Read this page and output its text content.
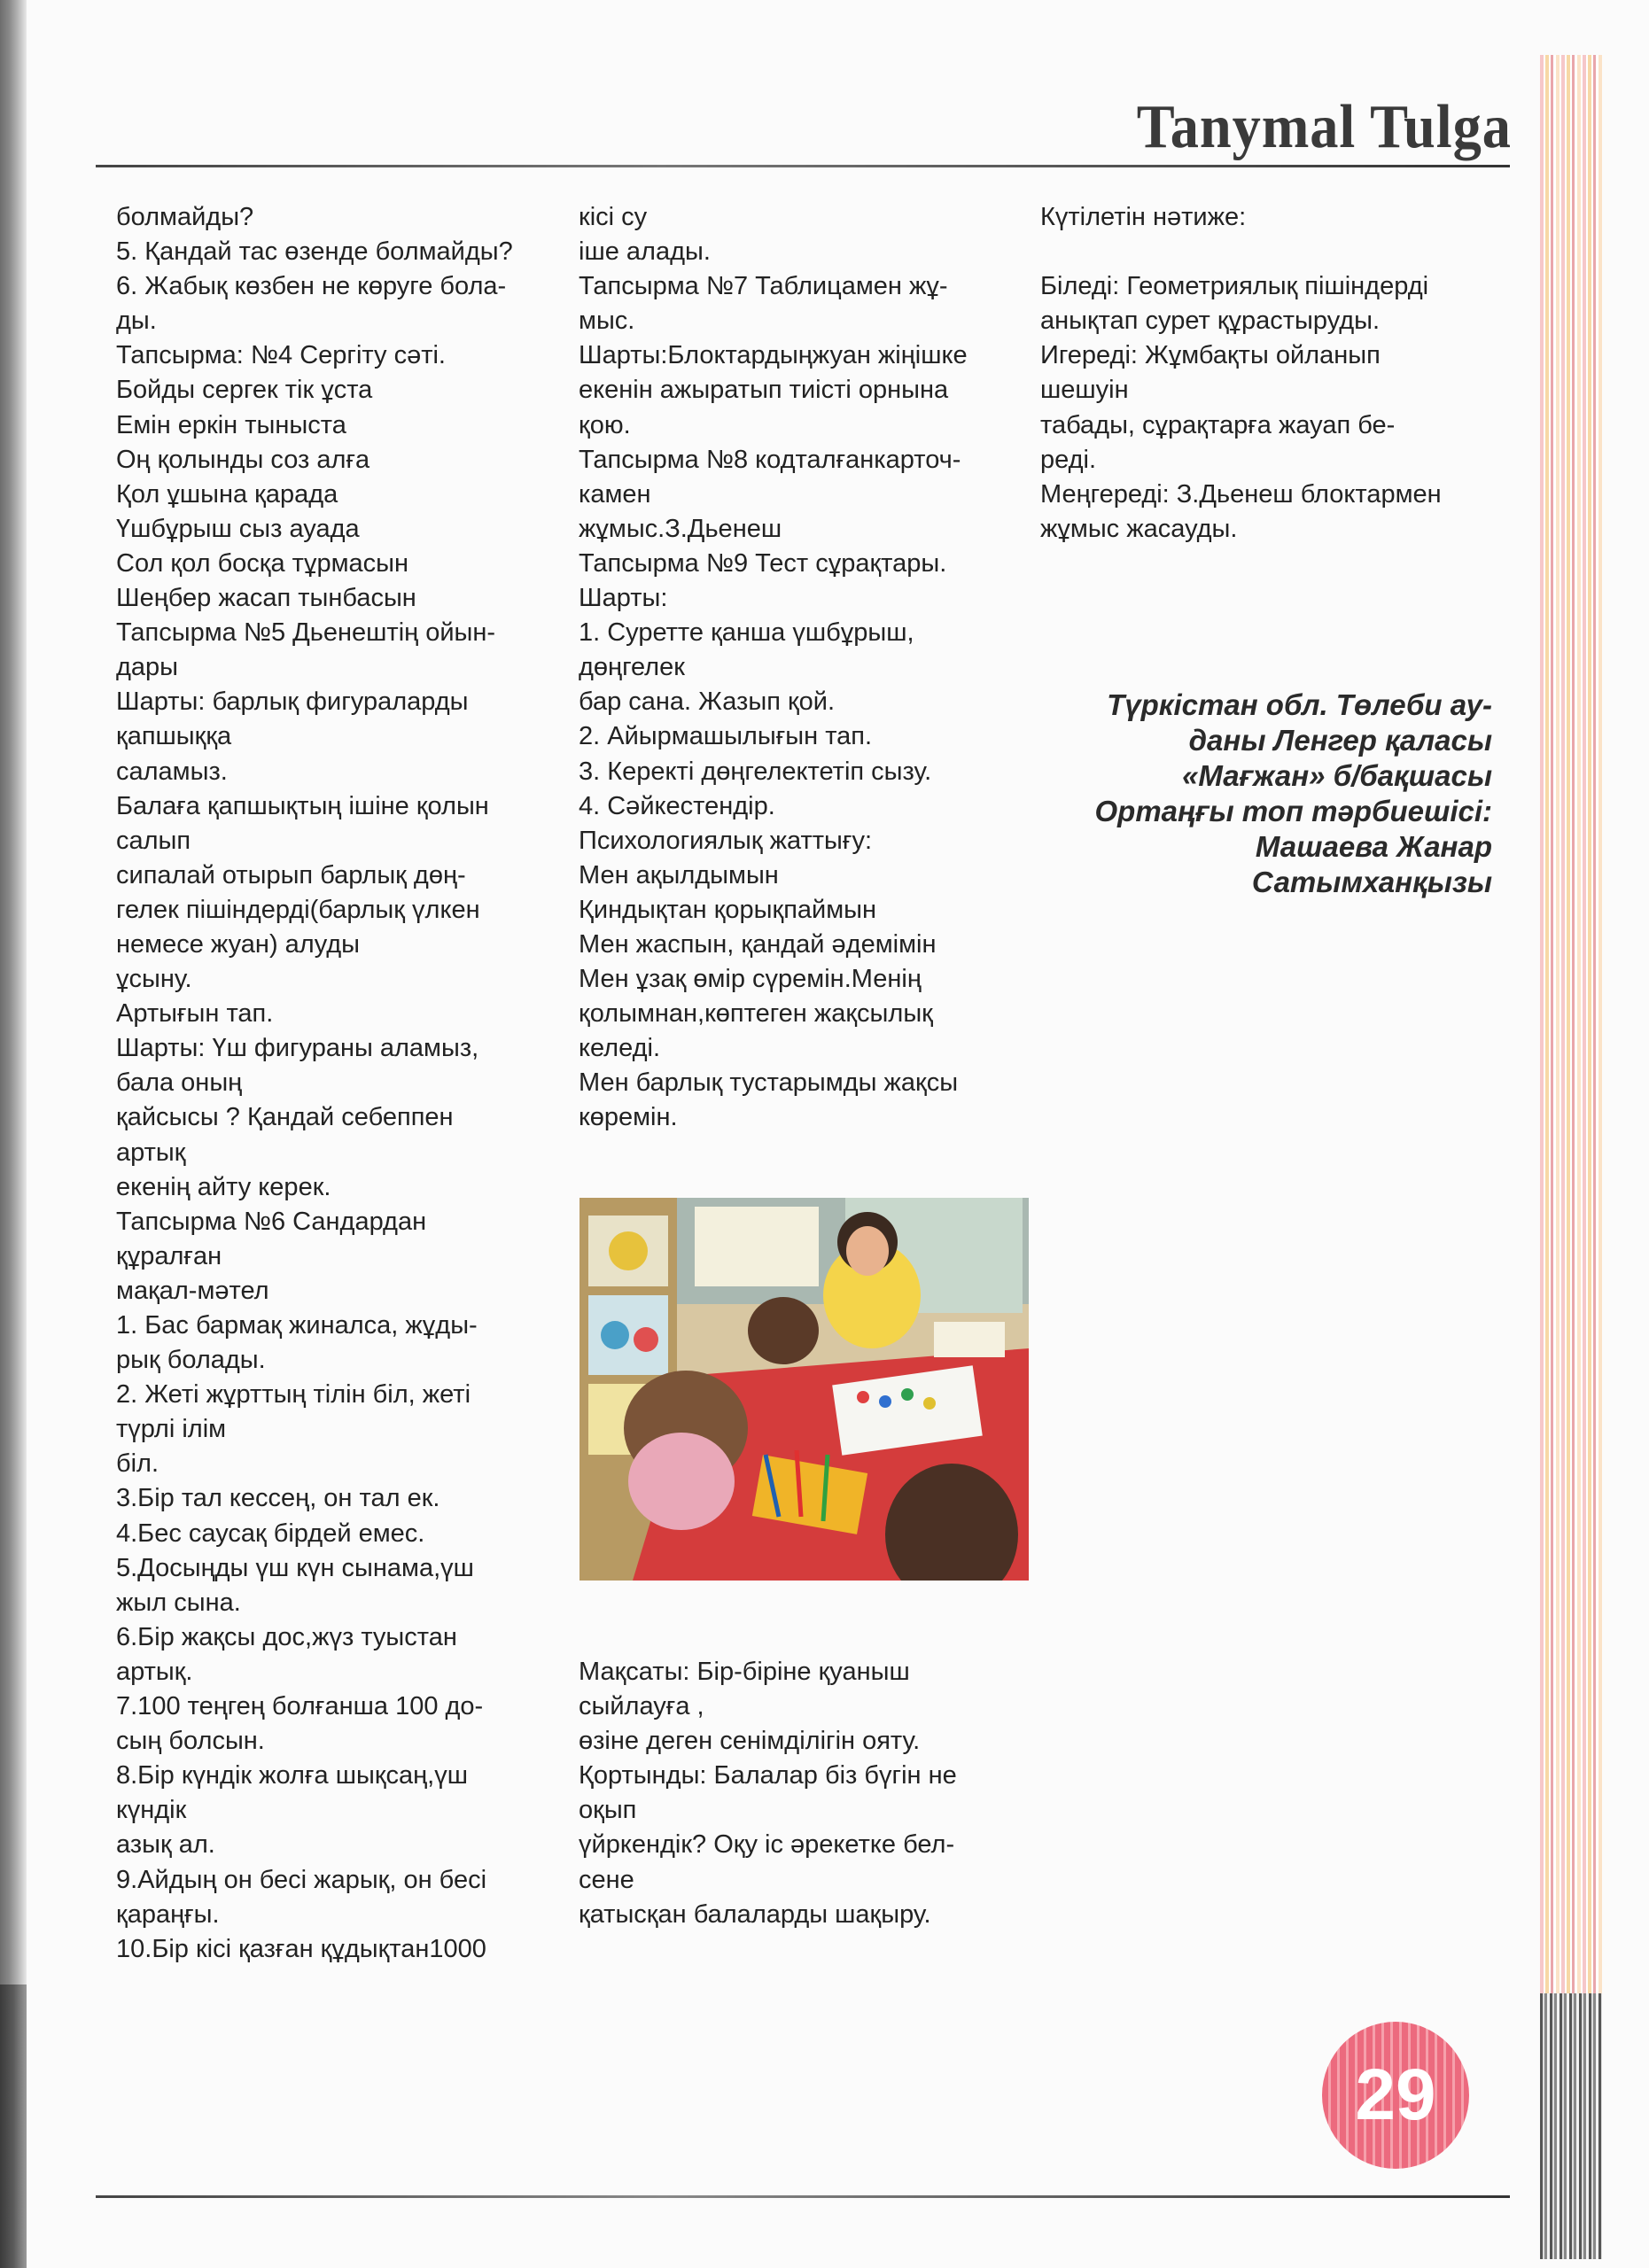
Tanymal Tulga

болмайды?

5. Қандай тас өзенде болмайды?

6. Жабық көзбен не көруге бола-

ды.

Тапсырма: №4 Сергіту сәті.

Бойды сергек тік ұста

Емін еркін тыныста

Оң қолынды соз алға

Қол ұшына қарада

Үшбұрыш сыз ауада

Сол қол босқа тұрмасын

Шеңбер жасап тынбасын

Тапсырма №5 Дьенештің ойын-

дары

Шарты: барлық фигураларды

қапшыққа

саламыз.

Балаға қапшықтың ішіне қолын

салып

сипалай отырып барлық дөң-

гелек пішіндерді(барлық үлкен

немесе жуан) алуды

ұсыну.

Артығын тап.

Шарты: Үш фигураны аламыз,

бала оның

қайсысы ? Қандай себеппен

артық

екенің айту керек.

Тапсырма №6 Сандардан

құралған

мақал-мәтел

1. Бас бармақ жиналса, жұды-

рық болады.

2. Жеті жұрттың тілін біл, жеті

түрлі ілім

біл.

3.Бір тал кессең, он тал ек.

4.Бес саусақ бірдей емес.

5.Досыңды үш күн сынама,үш

жыл сына.

6.Бір жақсы дос,жүз туыстан

артық.

7.100 теңгең болғанша 100 до-

сың болсын.

8.Бір күндік жолға шықсаң,үш

күндік

азық ал.

9.Айдың он бесі жарық, он бесі

қараңғы.

10.Бір кісі қазған құдықтан1000

кісі су

іше алады.

Тапсырма №7 Таблицамен жұ-

мыс.

Шарты:Блоктардыңжуан жіңішке

екенін ажыратып тиісті орнына

қою.

Тапсырма №8 кодталғанкарточ-

камен

жұмыс.З.Дьенеш

Тапсырма №9 Тест сұрақтары.

Шарты:

1. Суретте қанша үшбұрыш,

дөңгелек

бар сана. Жазып қой.

2. Айырмашылығын тап.

3. Керекті дөңгелектетіп сызу.

4. Сәйкестендір.

Психологиялық жаттығу:

Мен ақылдымын

Қиндықтан қорықпаймын

Мен жаспын, қандай әдемімін

Мен ұзақ өмір сүремін.Менің

қолымнан,көптеген жақсылық

келеді.

Мен барлық тустарымды жақсы

көремін.

Мақсаты: Бір-біріне қуаныш

сыйлауға ,

өзіне деген сенімділігін ояту.

Қортынды: Балалар біз бүгін не

оқып

үйркендік? Оқу іс әрекетке бел-

сене

қатысқан балаларды шақыру.

Күтілетін нәтиже:

Біледі: Геометриялық пішіндерді

анықтап сурет құрастыруды.

Игереді: Жұмбақты ойланып

шешуін

табады, сұрақтарға жауап бе-

реді.

Меңгереді: З.Дьенеш блоктармен

жұмыс жасауды.

Түркістан обл. Төлеби ау-
даны Ленгер қаласы
«Мағжан» б/бақшасы
Ортаңғы топ тәрбиешісі:
Машаева Жанар
Сатымханқызы
29
